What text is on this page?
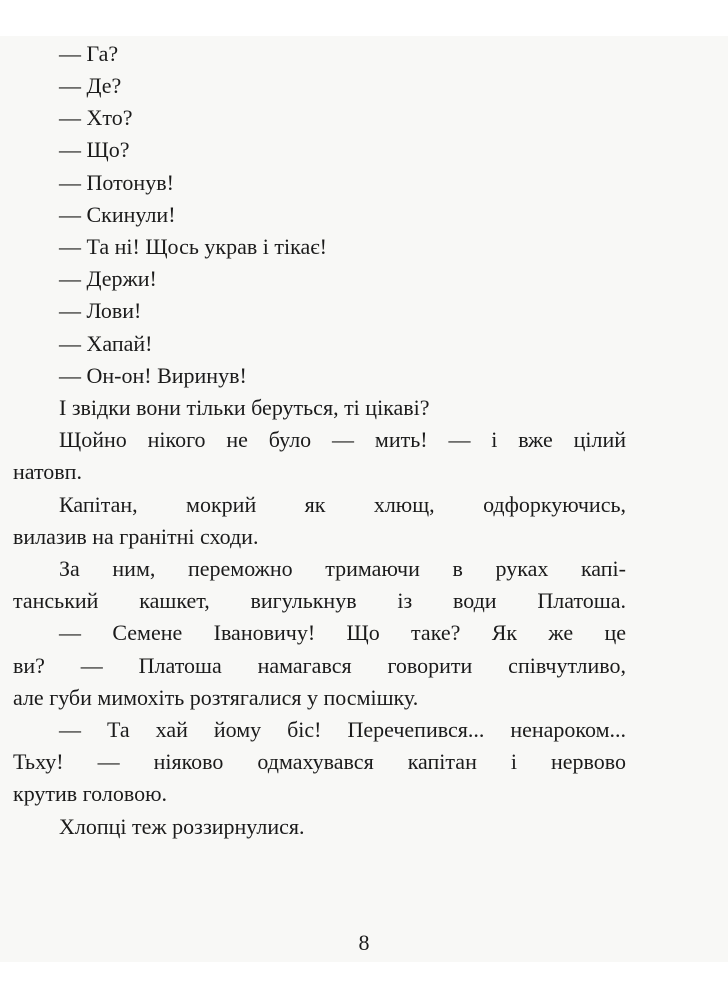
— Га?
— Де?
— Хто?
— Що?
— Потонув!
— Скинули!
— Та ні! Щось украв і тікає!
— Держи!
— Лови!
— Хапай!
— Он-он! Виринув!
І звідки вони тільки беруться, ті цікаві?
Щойно нікого не було — мить! — і вже цілий
натовп.
Капітан, мокрий як хлющ, одфоркуючись,
вилазив на гранітні сходи.
За ним, переможно тримаючи в руках капі-
танський кашкет, вигулькнув із води Платоша.
— Семене Івановичу! Що таке? Як же це
ви? — Платоша намагався говорити співчутливо,
але губи мимохіть розтягалися у посмішку.
— Та хай йому біс! Перечепився... ненароком...
Тьху! — ніяково одмахувався капітан і нервово
крутив головою.
Хлопці теж роззирнулися.
8
